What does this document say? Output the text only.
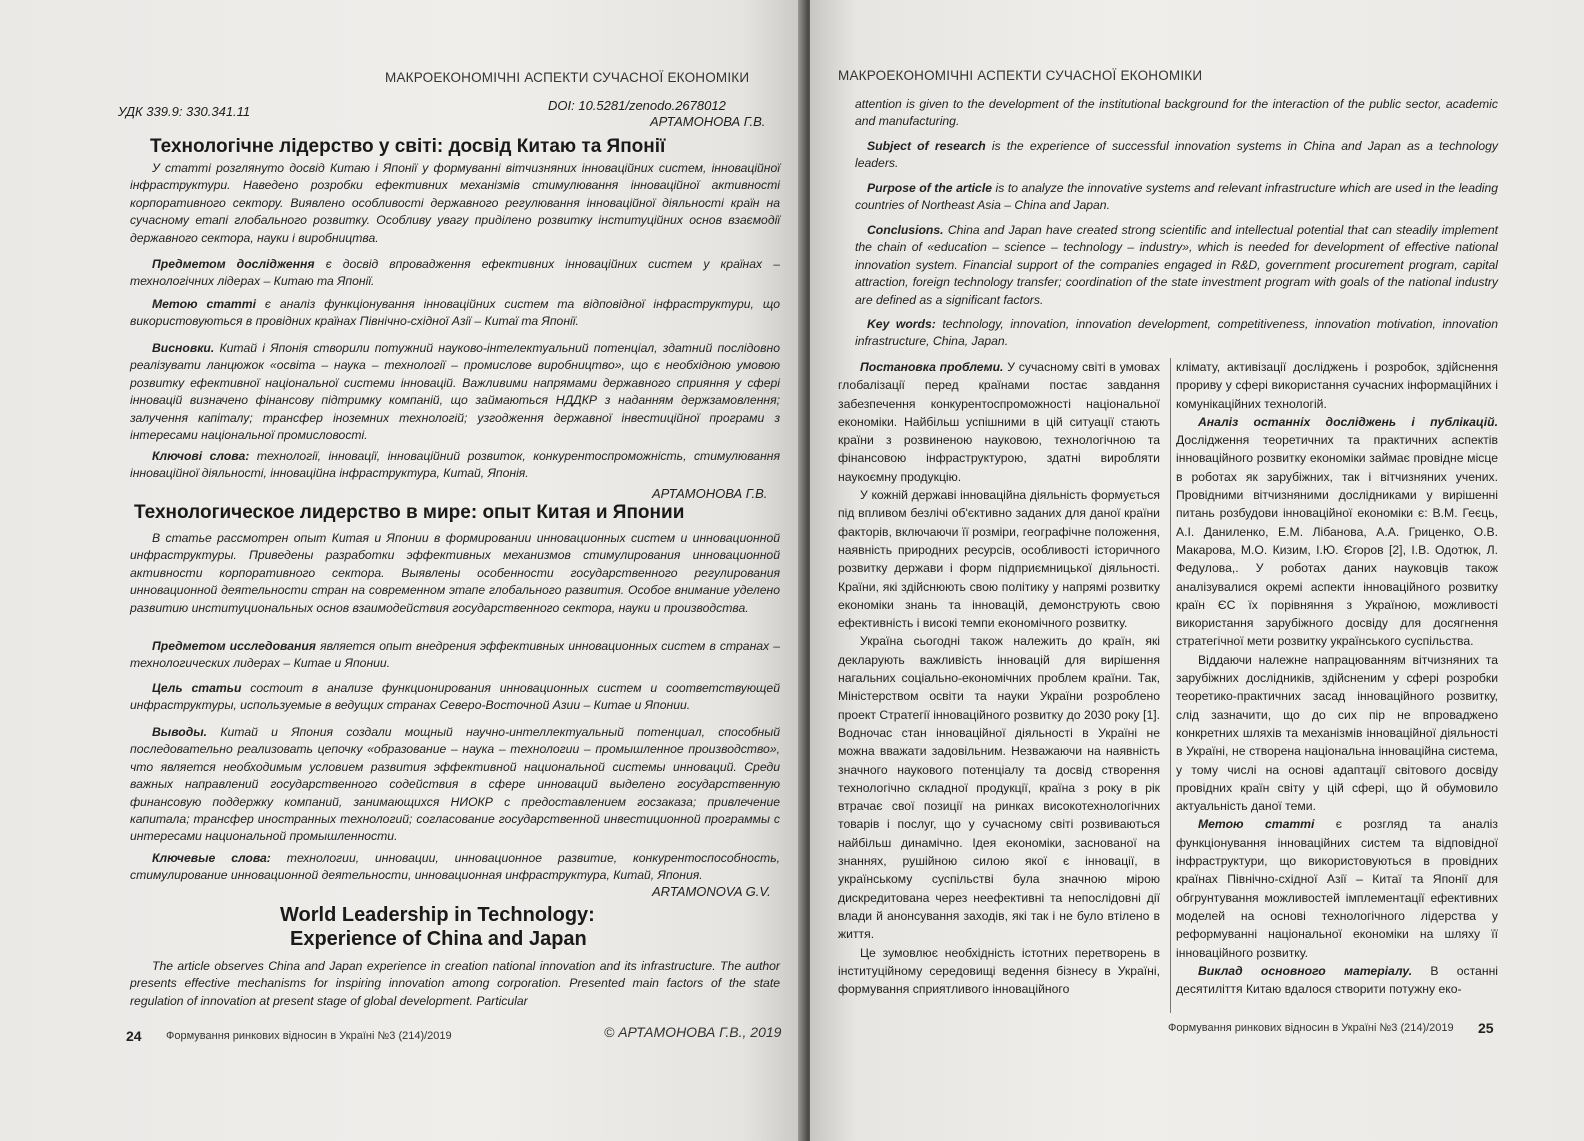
МАКРОЕКОНОМІЧНІ АСПЕКТИ СУЧАСНОЇ ЕКОНОМІКИ
УДК 339.9: 330.341.11	DOI: 10.5281/zenodo.2678012
АРТАМОНОВА Г.В.
Технологічне лідерство у світі: досвід Китаю та Японії
У статті розглянуто досвід Китаю і Японії у формуванні вітчизняних інноваційних систем, інноваційної інфраструктури. Наведено розробки ефективних механізмів стимулювання інноваційної активності корпоративного сектору. Виявлено особливості державного регулювання інноваційної діяльності країн на сучасному етапі глобального розвитку. Особливу увагу приділено розвитку інституційних основ взаємодії державного сектора, науки і виробництва.
Предметом дослідження є досвід впровадження ефективних інноваційних систем у країнах – технологічних лідерах – Китаю та Японії.
Метою статті є аналіз функціонування інноваційних систем та відповідної інфраструктури, що використовуються в провідних країнах Північно-східної Азії – Китаї та Японії.
Висновки. Китай і Японія створили потужний науково-інтелектуальний потенціал, здатний послідовно реалізувати ланцюжок «освіта – наука – технології – промислове виробництво», що є необхідною умовою розвитку ефективної національної системи інновацій. Важливими напрямами державного сприяння у сфері інновацій визначено фінансову підтримку компаній, що займаються НДДКР з наданням держзамовлення; залучення капіталу; трансфер іноземних технологій; узгодження державної інвестиційної програми з інтересами національної промисловості.
Ключові слова: технології, інновації, інноваційний розвиток, конкурентоспроможність, стимулювання інноваційної діяльності, інноваційна інфраструктура, Китай, Японія.
АРТАМОНОВА Г.В.
Технологическое лидерство в мире: опыт Китая и Японии
В статье рассмотрен опыт Китая и Японии в формировании инновационных систем и инновационной инфраструктуры. Приведены разработки эффективных механизмов стимулирования инновационной активности корпоративного сектора. Выявлены особенности государственного регулирования инновационной деятельности стран на современном этапе глобального развития. Особое внимание уделено развитию институциональных основ взаимодействия государственного сектора, науки и производства.
Предметом исследования является опыт внедрения эффективных инновационных систем в странах – технологических лидерах – Китае и Японии.
Цель статьи состоит в анализе функционирования инновационных систем и соответствующей инфраструктуры, используемые в ведущих странах Северо-Восточной Азии – Китае и Японии.
Выводы. Китай и Япония создали мощный научно-интеллектуальный потенциал, способный последовательно реализовать цепочку «образование – наука – технологии – промышленное производство», что является необходимым условием развития эффективной национальной системы инноваций. Среди важных направлений государственного содействия в сфере инноваций выделено государственную финансовую поддержку компаний, занимающихся НИОКР с предоставлением госзаказа; привлечение капитала; трансфер иностранных технологий; согласование государственной инвестиционной программы с интересами национальной промышленности.
Ключевые слова: технологии, инновации, инновационное развитие, конкурентоспособность, стимулирование инновационной деятельности, инновационная инфраструктура, Китай, Япония.
ARTAMONOVA G.V.
World Leadership in Technology:
Experience of China and Japan
The article observes China and Japan experience in creation national innovation and its infrastructure. The author presents effective mechanisms for inspiring innovation among corporation. Presented main factors of the state regulation of innovation at present stage of global development. Particular
24 Формування ринкових відносин в Україні №3 (214)/2019	© АРТАМОНОВА Г.В., 2019
МАКРОЕКОНОМІЧНІ АСПЕКТИ СУЧАСНОЇ ЕКОНОМІКИ
attention is given to the development of the institutional background for the interaction of the public sector, academic and manufacturing.
Subject of research is the experience of successful innovation systems in China and Japan as a technology leaders.
Purpose of the article is to analyze the innovative systems and relevant infrastructure which are used in the leading countries of Northeast Asia – China and Japan.
Conclusions. China and Japan have created strong scientific and intellectual potential that can steadily implement the chain of «education – science – technology – industry», which is needed for development of effective national innovation system. Financial support of the companies engaged in R&D, government procurement program, capital attraction, foreign technology transfer; coordination of the state investment program with goals of the national industry are defined as a significant factors.
Key words: technology, innovation, innovation development, competitiveness, innovation motivation, innovation infrastructure, China, Japan.

Постановка проблеми. У сучасному світі в умовах глобалізації перед країнами постає завдання забезпечення конкурентоспроможності національної економіки. Найбільш успішними в цій ситуації стають країни з розвиненою науковою, технологічною та фінансовою інфраструктурою, здатні виробляти наукоємну продукцію.

У кожній державі інноваційна діяльність формується під впливом безлічі об'єктивно заданих для даної країни факторів, включаючи її розміри, географічне положення, наявність природних ресурсів, особливості історичного розвитку держави і форм підприємницької діяльності. Країни, які здійснюють свою політику у напрямі розвитку економіки знань та інновацій, демонструють свою ефективність і високі темпи економічного розвитку.

Україна сьогодні також належить до країн, які декларують важливість інновацій для вирішення нагальних соціально-економічних проблем країни. Так, Міністерством освіти та науки України розроблено проект Стратегії інноваційного розвитку до 2030 року [1]. Водночас стан інноваційної діяльності в Україні не можна вважати задовільним. Незважаючи на наявність значного наукового потенціалу та досвід створення технологічно складної продукції, країна з року в рік втрачає свої позиції на ринках високотехнологічних товарів і послуг, що у сучасному світі розвиваються найбільш динамічно. Ідея економіки, заснованої на знаннях, рушійною силою якої є інновації, в українському суспільстві була значною мірою дискредитована через неефективні та непослідовні дії влади й анонсування заходів, які так і не було втілено в життя.

Це зумовлює необхідність істотних перетворень в інституційному середовищі ведення бізнесу в Україні, формування сприятливого інноваційного

клімату, активізації досліджень і розробок, здійснення прориву у сфері використання сучасних інформаційних і комунікаційних технологій.

Аналіз останніх досліджень і публікацій. Дослідження теоретичних та практичних аспектів інноваційного розвитку економіки займає провідне місце в роботах як зарубіжних, так і вітчизняних учених. Провідними вітчизняними дослідниками у вирішенні питань розбудови інноваційної економіки є: В.М. Геєць, А.І. Даниленко, Е.М. Лібанова, А.А. Гриценко, О.В. Макарова, М.О. Кизим, І.Ю. Єгоров [2], І.В. Одотюк, Л. Федулова,. У роботах даних науковців також аналізувалися окремі аспекти інноваційного розвитку країн ЄС їх порівняння з Україною, можливості використання зарубіжного досвіду для досягнення стратегічної мети розвитку українського суспільства.

Віддаючи належне напрацюванням вітчизняних та зарубіжних дослідників, здійсненим у сфері розробки теоретико-практичних засад інноваційного розвитку, слід зазначити, що до сих пір не впроваджено конкретних шляхів та механізмів інноваційної діяльності в Україні, не створена національна інноваційна система, у тому числі на основі адаптації світового досвіду провідних країн світу у цій сфері, що й обумовило актуальність даної теми.

Метою статті є розгляд та аналіз функціонування інноваційних систем та відповідної інфраструктури, що використовуються в провідних країнах Північно-східної Азії – Китаї та Японії для обгрунтування можливостей імплементації ефективних моделей на основі технологічного лідерства у реформуванні національної економіки на шляху її інноваційного розвитку.

Виклад основного матеріалу. В останні десятиліття Китаю вдалося створити потужну еко-

Формування ринкових відносин в Україні №3 (214)/2019 25
